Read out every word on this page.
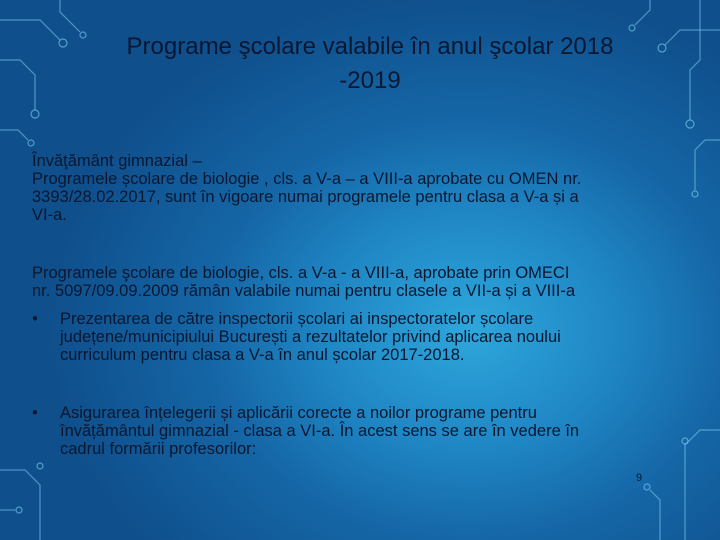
Programe şcolare valabile în anul şcolar 2018
-2019
Învăţământ gimnazial –
Programele școlare de biologie , cls. a V-a – a VIII-a aprobate cu OMEN nr.
3393/28.02.2017, sunt în vigoare numai programele pentru clasa a V-a și a
VI-a.
Programele şcolare de biologie, cls. a V-a - a VIII-a, aprobate prin OMECI
nr. 5097/09.09.2009 rămân valabile numai pentru clasele a VII-a și a VIII-a
• Prezentarea de către inspectorii școlari ai inspectoratelor școlare
județene/municipiului București a rezultatelor privind aplicarea noului
curriculum pentru clasa a V-a în anul școlar 2017-2018.
• Asigurarea înțelegerii și aplicării corecte a noilor programe pentru
învățământul gimnazial - clasa a VI-a. În acest sens se are în vedere în
cadrul formării profesorilor:
9
